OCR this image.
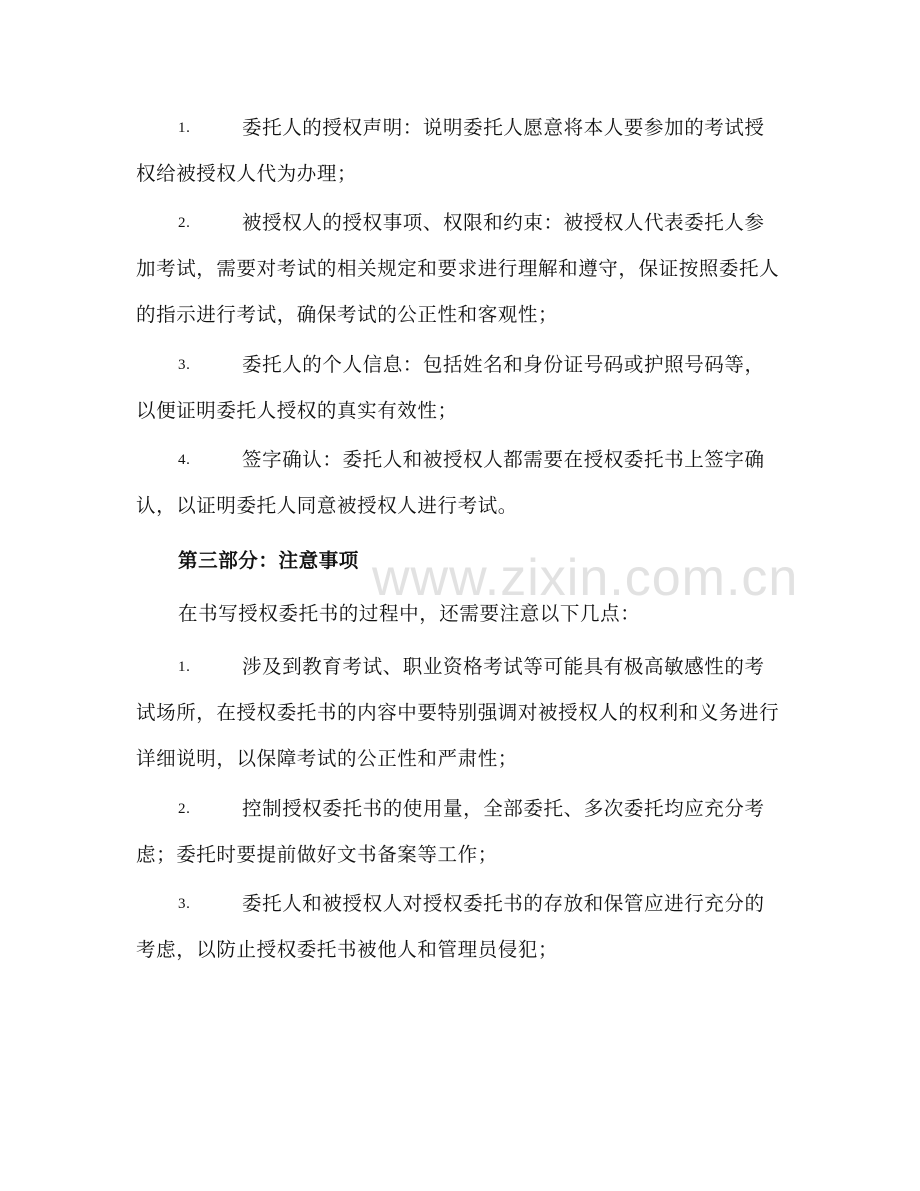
www.zixin.com.cn
1.	委托人的授权声明：说明委托人愿意将本人要参加的考试授权给被授权人代为办理；
2.	被授权人的授权事项、权限和约束：被授权人代表委托人参加考试，需要对考试的相关规定和要求进行理解和遵守，保证按照委托人的指示进行考试，确保考试的公正性和客观性；
3.	委托人的个人信息：包括姓名和身份证号码或护照号码等，以便证明委托人授权的真实有效性；
4.	签字确认：委托人和被授权人都需要在授权委托书上签字确认，以证明委托人同意被授权人进行考试。
第三部分：注意事项
在书写授权委托书的过程中，还需要注意以下几点：
1.	涉及到教育考试、职业资格考试等可能具有极高敏感性的考试场所，在授权委托书的内容中要特别强调对被授权人的权利和义务进行详细说明，以保障考试的公正性和严肃性；
2.	控制授权委托书的使用量，全部委托、多次委托均应充分考虑；委托时要提前做好文书备案等工作；
3.	委托人和被授权人对授权委托书的存放和保管应进行充分的考虑，以防止授权委托书被他人和管理员侵犯；
